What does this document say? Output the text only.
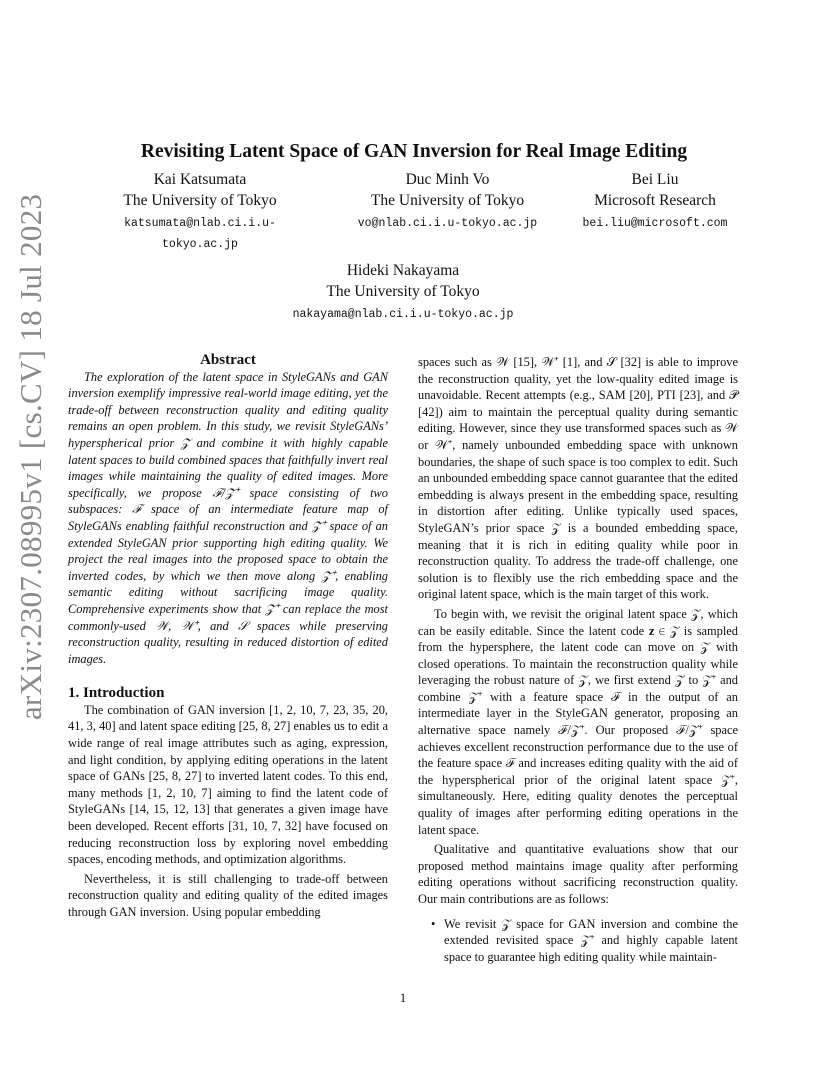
arXiv:2307.08995v1 [cs.CV] 18 Jul 2023
Revisiting Latent Space of GAN Inversion for Real Image Editing
Kai Katsumata
The University of Tokyo
katsumata@nlab.ci.i.u-tokyo.ac.jp
Duc Minh Vo
The University of Tokyo
vo@nlab.ci.i.u-tokyo.ac.jp
Bei Liu
Microsoft Research
bei.liu@microsoft.com
Hideki Nakayama
The University of Tokyo
nakayama@nlab.ci.i.u-tokyo.ac.jp

Abstract

The exploration of the latent space in StyleGANs and GAN inversion exemplify impressive real-world image editing, yet the trade-off between reconstruction quality and editing quality remains an open problem. In this study, we revisit StyleGANs’ hyperspherical prior 𝒵 and combine it with highly capable latent spaces to build combined spaces that faithfully invert real images while maintaining the quality of edited images. More specifically, we propose ℱ/𝒵⁺ space consisting of two subspaces: ℱ space of an intermediate feature map of StyleGANs enabling faithful reconstruction and 𝒵⁺ space of an extended StyleGAN prior supporting high editing quality. We project the real images into the proposed space to obtain the inverted codes, by which we then move along 𝒵⁺, enabling semantic editing without sacrificing image quality. Comprehensive experiments show that 𝒵⁺ can replace the most commonly-used 𝒲, 𝒲⁺, and 𝒮 spaces while preserving reconstruction quality, resulting in reduced distortion of edited images.

1. Introduction

The combination of GAN inversion [1, 2, 10, 7, 23, 35, 20, 41, 3, 40] and latent space editing [25, 8, 27] enables us to edit a wide range of real image attributes such as aging, expression, and light condition, by applying editing operations in the latent space of GANs [25, 8, 27] to inverted latent codes. To this end, many methods [1, 2, 10, 7] aiming to find the latent code of StyleGANs [14, 15, 12, 13] that generates a given image have been developed. Recent efforts [31, 10, 7, 32] have focused on reducing reconstruction loss by exploring novel embedding spaces, encoding methods, and optimization algorithms.

Nevertheless, it is still challenging to trade-off between reconstruction quality and editing quality of the edited images through GAN inversion. Using popular embedding

spaces such as 𝒲 [15], 𝒲⁺ [1], and 𝒮 [32] is able to improve the reconstruction quality, yet the low-quality edited image is unavoidable. Recent attempts (e.g., SAM [20], PTI [23], and 𝒫 [42]) aim to maintain the perceptual quality during semantic editing. However, since they use transformed spaces such as 𝒲 or 𝒲⁺, namely unbounded embedding space with unknown boundaries, the shape of such space is too complex to edit. Such an unbounded embedding space cannot guarantee that the edited embedding is always present in the embedding space, resulting in distortion after editing. Unlike typically used spaces, StyleGAN’s prior space 𝒵 is a bounded embedding space, meaning that it is rich in editing quality while poor in reconstruction quality. To address the trade-off challenge, one solution is to flexibly use the rich embedding space and the original latent space, which is the main target of this work.

To begin with, we revisit the original latent space 𝒵, which can be easily editable. Since the latent code 𝐳 ∈ 𝒵 is sampled from the hypersphere, the latent code can move on 𝒵 with closed operations. To maintain the reconstruction quality while leveraging the robust nature of 𝒵, we first extend 𝒵 to 𝒵⁺ and combine 𝒵⁺ with a feature space ℱ in the output of an intermediate layer in the StyleGAN generator, proposing an alternative space namely ℱ/𝒵⁺. Our proposed ℱ/𝒵⁺ space achieves excellent reconstruction performance due to the use of the feature space ℱ and increases editing quality with the aid of the hyperspherical prior of the original latent space 𝒵⁺, simultaneously. Here, editing quality denotes the perceptual quality of images after performing editing operations in the latent space.

Qualitative and quantitative evaluations show that our proposed method maintains image quality after performing editing operations without sacrificing reconstruction quality. Our main contributions are as follows:

• We revisit 𝒵 space for GAN inversion and combine the extended revisited space 𝒵⁺ and highly capable latent space to guarantee high editing quality while maintain-
1
